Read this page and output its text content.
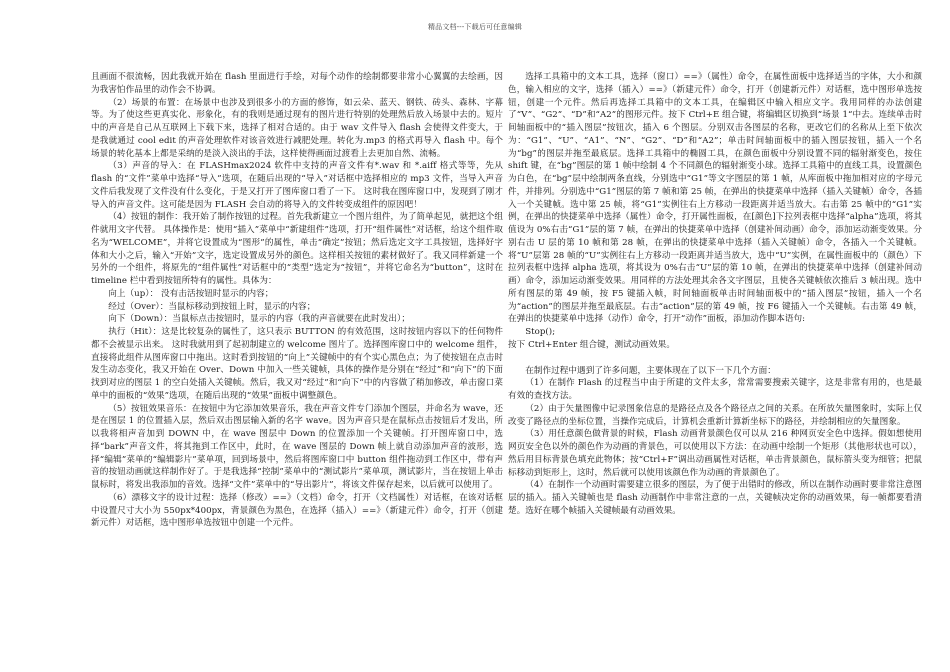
精品文档---下载后可任意编辑

且画面不很流畅，因此我就开始在 flash 里面进行手绘，对每个动作的绘制都要非常小心翼翼的去绘画，因为我害怕作品里的动作会不协调。

（2）场景的布置：在场景中也涉及到很多小的方面的修饰，如云朵、蓝天、钢铁、砖头、森林、字幕等。为了使这些更真实化、形象化，有的我则是通过现有的图片进行特别的处理然后放入场景中去的。短片中的声音是自己从互联网上下载下来，选择了相对合适的。由于 wav 文件导入 flash 会使得文件变大，于是我就通过 cool edit 的声音处理软件对该音效进行减肥处理。转化为.mp3 的格式再导入 flash 中。每个场景的转化基本上都是采纳的是淡入淡出的手法，这样使得画面过渡看上去更加自然、流畅。

（3）声音的导入：在 FLASHmax2024 软件中支持的声音文件有*.wav 和 *.aiff 格式等等，先从 flash 的“文件”菜单中选择“导入”选项，在随后出现的“导入”对话框中选择相应的 mp3 文件，当导入声音文件后我发现了文件没有什么变化，于是又打开了图库窗口看了一下。 这时我在图库窗口中，发现到了刚才导入的声音文件。这可能是因为 FLASH 会自动的将导入的文件转变成组件的原因吧！

（4）按钮的制作：我开始了制作按钮的过程。首先我新建立一个图片组件，为了简单起见，就把这个组件就用文字代替。 具体操作是：使用“插入”菜单中“新建组件”选项，打开“组件属性”对话框，给这个组件取名为“WELCOME”，并将它设置成为“图形”的属性，单击“确定”按钮；然后选定文字工具按钮，选择好字体和大小之后，输入“开始”文字，选定设置成另外的颜色。这样相关按钮的素材做好了。我又同样新建一个另外的一个组件，将原先的“组件属性”对话框中的“类型”选定为“按钮”，并将它命名为“button”，这时在 timeline 栏中看到按钮所特有的属性。具体为：

向上（up）： 没有击活按钮时显示的内容；

经过（Over）：当鼠标移动到按钮上时，显示的内容；

向下（Down）：当鼠标点击按钮时，显示的内容（我的声音就要在此时发出）；

执行（Hit）：这是比较复杂的属性了，这只表示 BUTTON 的有效范围，这时按钮内容以下的任何物件都不会被显示出来。 这时我就用到了起初制建立的 welcome 图片了。选择图库窗口中的 welcome 组件，直接将此组件从图库窗口中拖出。这时看到按钮的“向上”关键帧中的有个实心黑色点；为了使按钮在点击时发生动态变化，我又开始在 Over、Down 中加入一些关键帧，具体的操作是分别在“经过”和“向下”的下面找到对应的图层 1 的空白处插入关键帧。然后，我又对“经过”和“向下”中的内容做了稍加修改，单击窗口菜单中的面板的“效果”选项，在随后出现的“效果”面板中调整颜色。

（5）按钮效果音乐：在按钮中为它添加效果音乐，我在声音文件专门添加个图层，并命名为 wave，还是在图层 1 的位置插入层，然后双击图层输入新的名字 wave。因为声音只是在鼠标点击按钮后才发出，所以我将相声音加到 DOWN 中，在 wave 图层中 Down 的位置添加一个关键帧。打开图库窗口中，选择“bark”声音文件，将其拖到工作区中，此时，在 wave 图层的 Down 帧上就自动添加声音的波形，选择“编辑”菜单的“编辑影片”菜单项，回到场景中，然后将图库窗口中 button 组件拖动到工作区中，带有声音的按钮动画就这样制作好了。于是我选择“控制”菜单中的“测试影片”菜单项，测试影片，当在按钮上单击鼠标时，将发出我添加的音效。选择“文件”菜单中的“导出影片”，将该文件保存起来，以后就可以使用了。

（6）漂移文字的设计过程：选择（修改）==》（文档）命令，打开（文档属性）对话框，在该对话框中设置尺寸大小为 550px*400px，背景颜色为黑色，在选择（插入）==》（新建元件）命令，打开（创建新元件）对话框，选中图形单选按钮中创建一个元件。

选择工具箱中的文本工具，选择（窗口）==》（属性）命令，在属性面板中选择适当的字体，大小和颜色，输入相应的文字，选择（插入）==》（新建元件）命令，打开（创建新元件）对话框，选中图形单选按钮，创建一个元件。然后再选择工具箱中的文本工具，在编辑区中输入相应文字。我用同样的办法创建了“V”、“G2”、“D”和“A2”的图形元件。按下 Ctrl+E 组合键，将编辑区切换到”场景 1“中去。连续单击时间轴面板中的“插入图层”按钮次，插入 6 个图层。分别双击各图层的名称，更改它们的名称从上至下依次为：“G1”、“U”、“A1”、“N”、“G2”、“D”和“A2”；单击时间轴面板中的插入图层按钮，插入一个名为“bg”的图层并拖至最底层。选择工具箱中的椭圆工具，在颜色面板中分别设置不同的辐射渐变色，按住 shift 键，在“bg”图层的第 1 帧中绘制 4 个不同颜色的辐射渐变小球。选择工具箱中的直线工具，设置颜色为白色，在“bg”层中绘制两条直线，分别选中“G1”等文字图层的第 1 帧，从库面板中拖加相对应的字母元件，并排列。分别选中“G1”图层的第 7 帧和第 25 帧，在弹出的快捷菜单中选择（插入关键帧）命令，各插入一个关键帧。选中第 25 帧，将“G1”实例往右上方移动一段距离并适当放大。右击第 25 帧中的“G1”实例，在弹出的快捷菜单中选择（属性）命令，打开属性面板，在[颜色]下拉列表框中选择“alpha”选项，将其值设为 0%右击“G1”层的第 7 帧，在弹出的快捷菜单中选择（创建补间动画）命令，添加运动渐变效果。分别右击 U 层的第 10 帧和第 28 帧，在弹出的快捷菜单中选择（插入关键帧）命令，各插入一个关键帧。将“U”层第 28 帧的“U”实例往右上方移动一段距离并适当放大，选中“U”实例，在属性面板中的（颜色）下拉列表框中选择 alpha 选项，将其设为 0%右击“U”层的第 10 帧，在弹出的快捷菜单中选择（创建补间动画）命令，添加运动渐变效果。用同样的方法处理其余各文字图层，且使各关键帧依次推后 3 帧出现。选中所有图层的第 49 帧，按 F5 键插入帧，时间轴面板单击时间轴面板中的“插入图层”按钮，插入一个名为“action”的图层并拖至最底层。右击“action”层的第 49 帧，按 F6 键插入一个关键帧。右击第 49 帧，在弹出的快捷菜单中选择（动作）命令，打开“动作”面板，添加动作脚本语句:

Stop();

按下 Ctrl+Enter 组合键，测试动画效果。

在制作过程中遇到了许多问题，主要体现在了以下一下几个方面：

（1）在制作 Flash 的过程当中由于所建的文件太多，常常需要搜索关键字，这是非常有用的，也是最有效的查找方法。

（2）由于矢量图像中记录图象信息的是路径点及各个路径点之间的关系。在所放矢量图象时，实际上仅改变了路径点的坐标位置，当操作完成后，计算机会重新计算新坐标下的路径，并绘制相应的矢量图象。

（3）用任意颜色做背景的时候，Flash 动画背景颜色仅可以从 216 种网页安全色中选择。假如想使用网页安全色以外的颜色作为动画的背景色，可以使用以下方法：在动画中绘制一个矩形（其他形状也可以），然后用目标背景色填充此物体；按“Ctrl+F”调出动画属性对话框，单击背景颜色，鼠标箭头变为细管；把鼠标移动到矩形上，这时，然后就可以使用该颜色作为动画的背景颜色了。

（4）在制作一个动画时需要建立很多的图层，为了便于出错时的修改，所以在制作动画时要非常注意图层的插入。插入关键帧也是 flash 动画制作中非常注意的一点，关键帧决定你的动画效果，每一帧都要看清楚。选好在哪个帧插入关键帧最有动画效果。
